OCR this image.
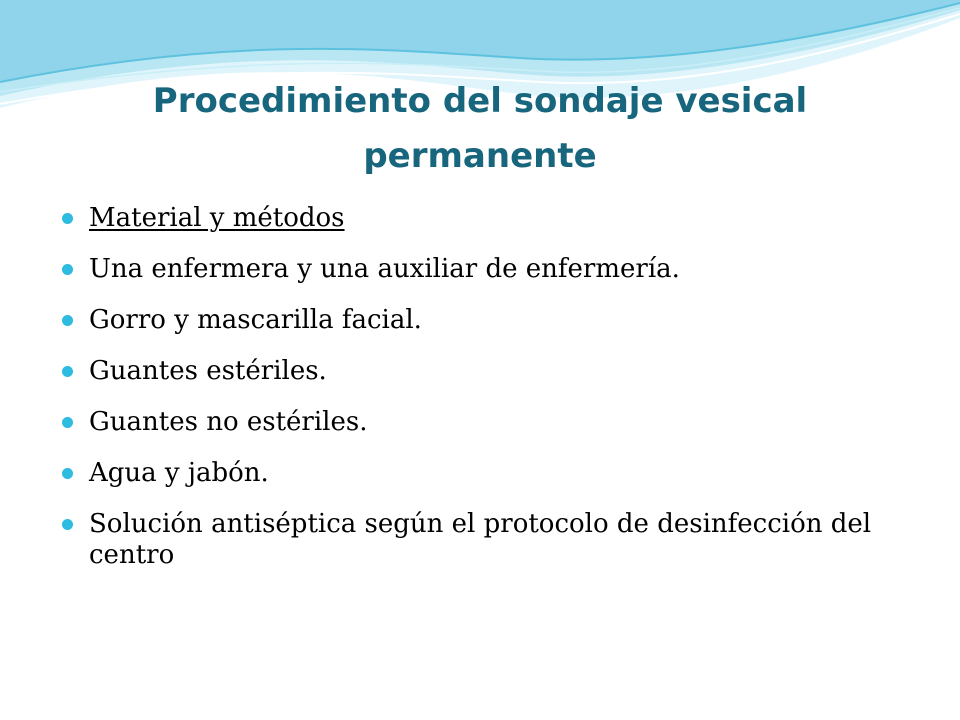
Procedimiento del sondaje vesical permanente
Material y métodos
Una enfermera y una auxiliar de enfermería.
Gorro y mascarilla facial.
Guantes estériles.
Guantes no estériles.
Agua y jabón.
Solución antiséptica según el protocolo de desinfección del centro
